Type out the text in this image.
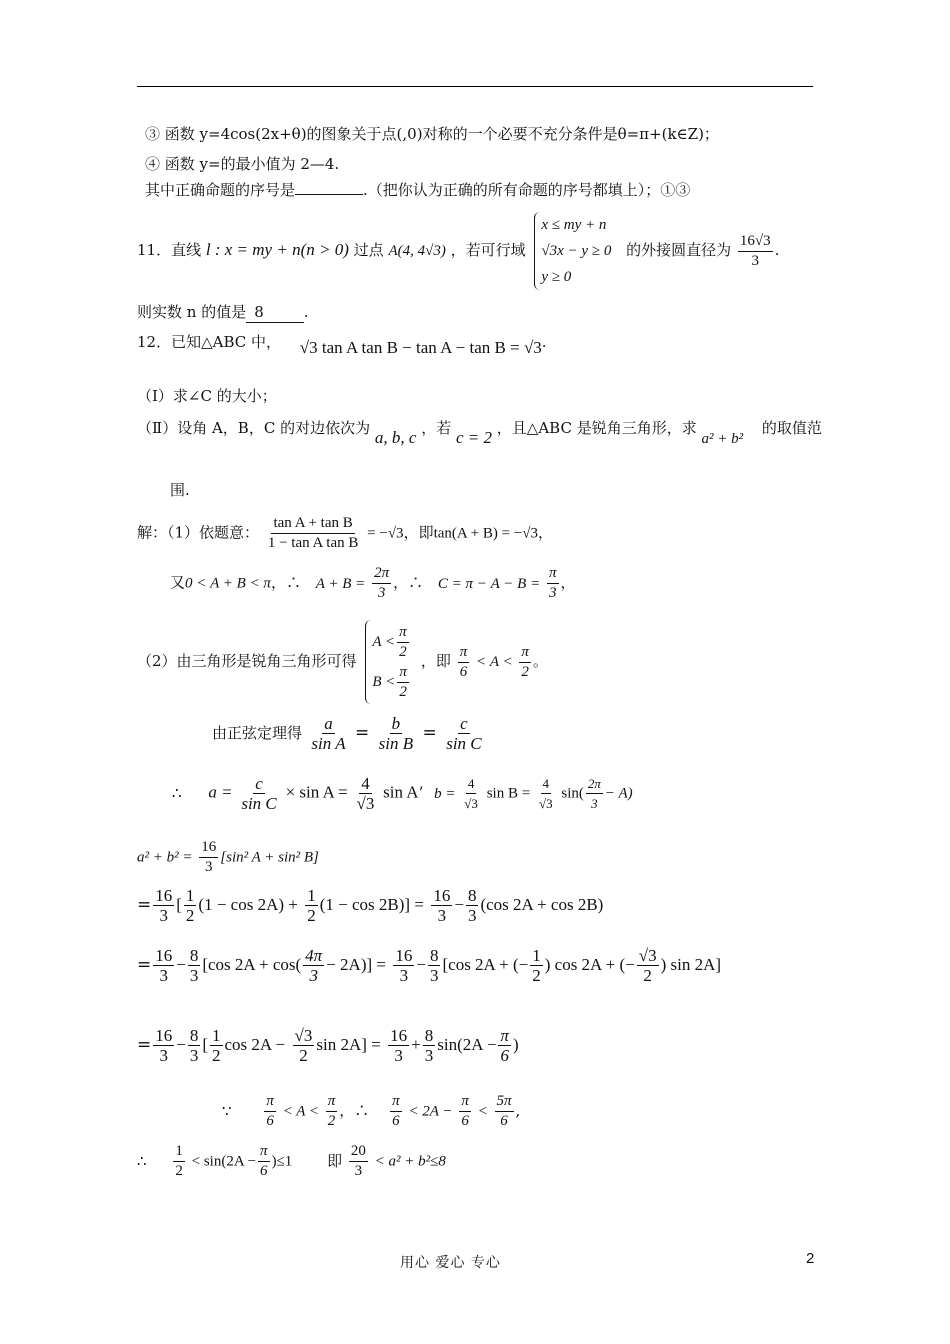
③ 函数 y=4cos(2x+θ)的图象关于点(,0)对称的一个必要不充分条件是θ=π+(k∈Z)；
④ 函数 y=的最小值为 2—4.
其中正确命题的序号是	.（把你认为正确的所有命题的序号都填上）；①③
11．直线 l : x = my + n(n > 0) 过点 A(4, 4√3) ，若可行域
x ≤ my + n
√3x − y ≥ 0
y ≥ 0
的外接圆直径为 $\frac{16√3}{3}$ .
则实数 n 的值是 8	.
12．已知△ABC 中， √3 tan A tan B − tan A − tan B = √3.
（I）求∠C 的大小；
（Ⅱ）设角 A，B，C 的对边依次为 a, b, c ，若 c = 2 ，且△ABC 是锐角三角形，求 a² + b² 的取值范
围.
解：（1）依题意： $\frac{\text{tan A + tan B}}{\text{1 − tan A tan B}} = -√3$，即tan(A + B) = −√3，
又0 < A + B < π，∴ $A + B = \frac{2\pi}{3}$ ，∴ $C = \pi - A - B = \frac{\pi}{3}$ ，
（2）由三角形是锐角三角形可得
$A < \frac{\pi}{2}$
$B < \frac{\pi}{2}$
，即 $\frac{\pi}{6} < A < \frac{\pi}{2}$ 。
由正弦定理得 $\frac{a}{\text{sin A}} = \frac{b}{\text{sin B}} = \frac{c}{\text{sin C}}$
∴ $a = \frac{c}{\text{sin C}} \times \sin A = \frac{4}{√3}$ sin A’ $b = \frac{4}{√3}$ $\sin B = \frac{4}{√3} \sin( \frac{2\pi}{3} - A)$
$a^2 + b^2 = \frac{16}{3} [\sin^2$ A + sin² B]
= $\frac{16}{3}$ [ $\frac{1}{2} (1 - \cos 2A) + \frac{1}{2} (1 - \cos 2B)] = \frac{16}{3} - \frac{8}{3} (\cos$ 2A + cos 2B)
= $\frac{16}{3} - \frac{8}{3} [\cos$ $2A + \cos( \frac{4\pi}{3} - 2A)] = \frac{16}{3} - \frac{8}{3} [\cos$ 2A + (− $\frac{1}{2}$ ) cos 2A + (− $\frac{√3}{2}$ ) sin 2A]
= $\frac{16}{3} - \frac{8}{3}$ [ $\frac{1}{2}$ $\cos 2A - \frac{√3}{2}$ $\sin 2A] = \frac{16}{3} + \frac{8}{3} \sin(2A - \frac{\pi}{6}$ )
∵ $\frac{\pi}{6} < A < \frac{\pi}{2}$ ，∴ $\frac{\pi}{6} < 2A - \frac{\pi}{6} < \frac{5\pi}{6}$ ,
∴ $\frac{1}{2} < \sin(2A - \frac{\pi}{6} )\le 1$ 即 $\frac{20}{3} < a^2 + b^2\le 8$
用心 爱心 专心	2
